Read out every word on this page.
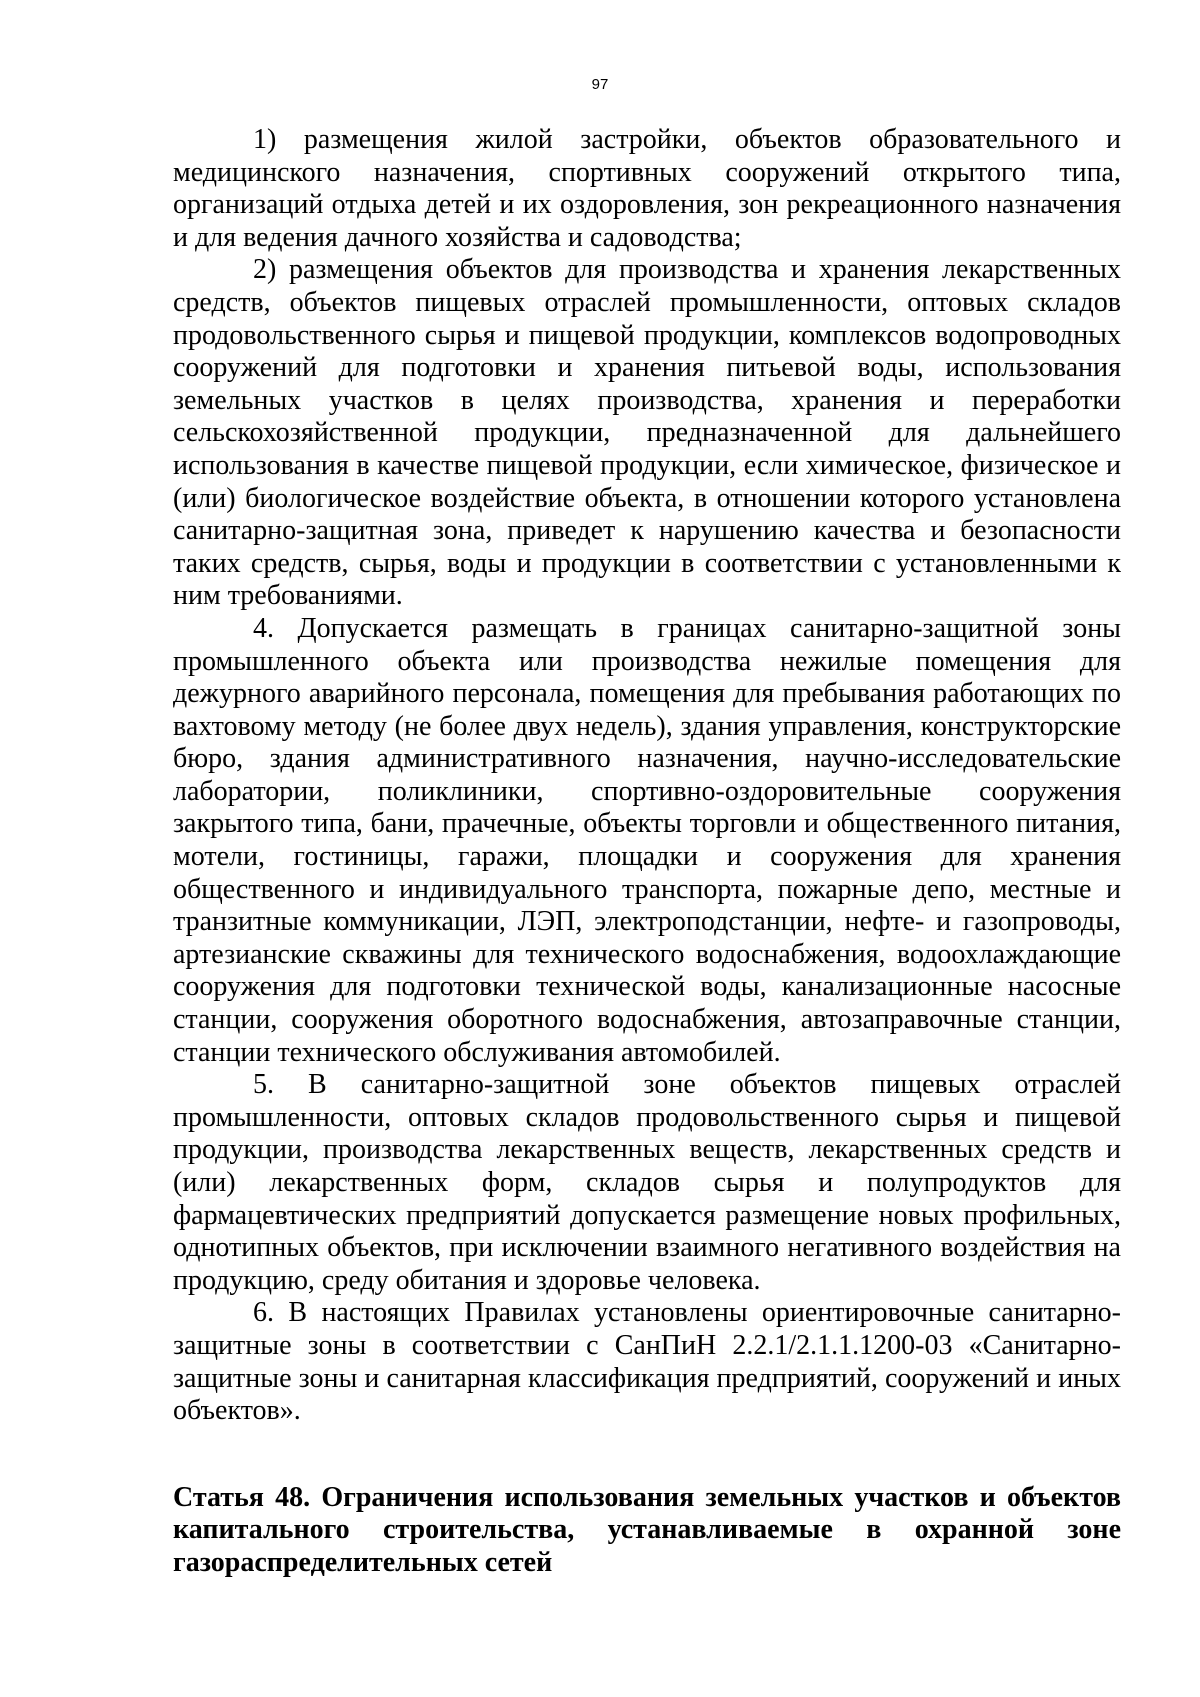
97

1) размещения жилой застройки, объектов образовательного и медицинского назначения, спортивных сооружений открытого типа, организаций отдыха детей и их оздоровления, зон рекреационного назначения и для ведения дачного хозяйства и садоводства;

2) размещения объектов для производства и хранения лекарственных средств, объектов пищевых отраслей промышленности, оптовых складов продовольственного сырья и пищевой продукции, комплексов водопроводных сооружений для подготовки и хранения питьевой воды, использования земельных участков в целях производства, хранения и переработки сельскохозяйственной продукции, предназначенной для дальнейшего использования в качестве пищевой продукции, если химическое, физическое и (или) биологическое воздействие объекта, в отношении которого установлена санитарно-защитная зона, приведет к нарушению качества и безопасности таких средств, сырья, воды и продукции в соответствии с установленными к ним требованиями.

4. Допускается размещать в границах санитарно-защитной зоны промышленного объекта или производства нежилые помещения для дежурного аварийного персонала, помещения для пребывания работающих по вахтовому методу (не более двух недель), здания управления, конструкторские бюро, здания административного назначения, научно-исследовательские лаборатории, поликлиники, спортивно-оздоровительные сооружения закрытого типа, бани, прачечные, объекты торговли и общественного питания, мотели, гостиницы, гаражи, площадки и сооружения для хранения общественного и индивидуального транспорта, пожарные депо, местные и транзитные коммуникации, ЛЭП, электроподстанции, нефте- и газопроводы, артезианские скважины для технического водоснабжения, водоохлаждающие сооружения для подготовки технической воды, канализационные насосные станции, сооружения оборотного водоснабжения, автозаправочные станции, станции технического обслуживания автомобилей.

5. В санитарно-защитной зоне объектов пищевых отраслей промышленности, оптовых складов продовольственного сырья и пищевой продукции, производства лекарственных веществ, лекарственных средств и (или) лекарственных форм, складов сырья и полупродуктов для фармацевтических предприятий допускается размещение новых профильных, однотипных объектов, при исключении взаимного негативного воздействия на продукцию, среду обитания и здоровье человека.

6. В настоящих Правилах установлены ориентировочные санитарно-защитные зоны в соответствии с СанПиН 2.2.1/2.1.1.1200-03 «Санитарно-защитные зоны и санитарная классификация предприятий, сооружений и иных объектов».

Статья 48. Ограничения использования земельных участков и объектов капитального строительства, устанавливаемые в охранной зоне газораспределительных сетей
